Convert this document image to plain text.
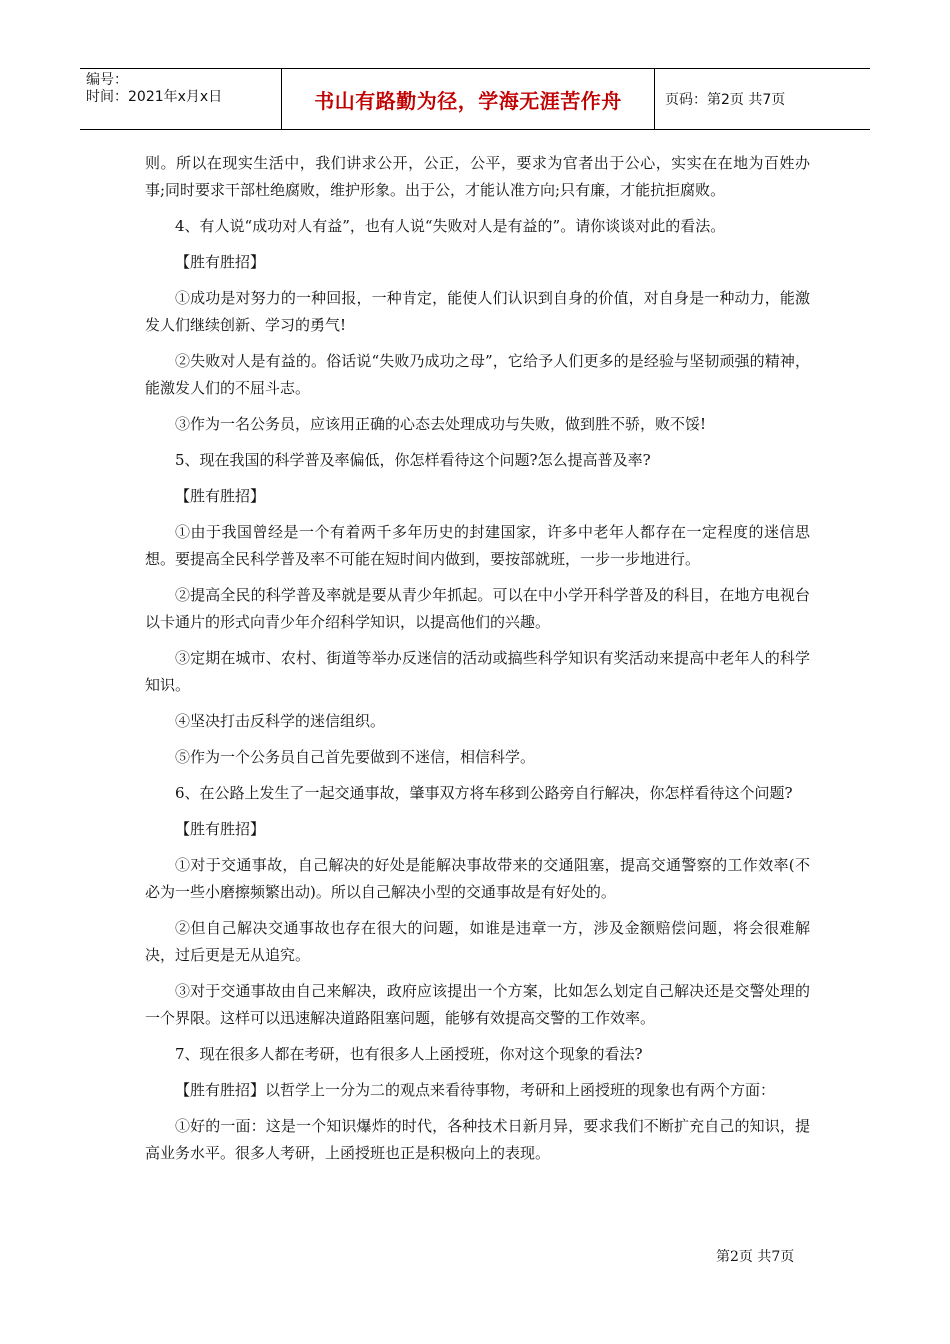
编号：
时间：2021年x月x日	书山有路勤为径，学海无涯苦作舟	页码：第2页 共7页

则。所以在现实生活中，我们讲求公开，公正，公平，要求为官者出于公心，实实在在地为百姓办事;同时要求干部杜绝腐败，维护形象。出于公，才能认准方向;只有廉，才能抗拒腐败。

4、有人说“成功对人有益”，也有人说“失败对人是有益的”。请你谈谈对此的看法。

【胜有胜招】

①成功是对努力的一种回报，一种肯定，能使人们认识到自身的价值，对自身是一种动力，能激发人们继续创新、学习的勇气!

②失败对人是有益的。俗话说“失败乃成功之母”，它给予人们更多的是经验与坚韧顽强的精神，能激发人们的不屈斗志。

③作为一名公务员，应该用正确的心态去处理成功与失败，做到胜不骄，败不馁!

5、现在我国的科学普及率偏低，你怎样看待这个问题?怎么提高普及率?

【胜有胜招】

①由于我国曾经是一个有着两千多年历史的封建国家，许多中老年人都存在一定程度的迷信思想。要提高全民科学普及率不可能在短时间内做到，要按部就班，一步一步地进行。

②提高全民的科学普及率就是要从青少年抓起。可以在中小学开科学普及的科目，在地方电视台以卡通片的形式向青少年介绍科学知识，以提高他们的兴趣。

③定期在城市、农村、街道等举办反迷信的活动或搞些科学知识有奖活动来提高中老年人的科学知识。

④坚决打击反科学的迷信组织。

⑤作为一个公务员自己首先要做到不迷信，相信科学。

6、在公路上发生了一起交通事故，肇事双方将车移到公路旁自行解决，你怎样看待这个问题?

【胜有胜招】

①对于交通事故，自己解决的好处是能解决事故带来的交通阻塞，提高交通警察的工作效率(不必为一些小磨擦频繁出动)。所以自己解决小型的交通事故是有好处的。

②但自己解决交通事故也存在很大的问题，如谁是违章一方，涉及金额赔偿问题，将会很难解决，过后更是无从追究。

③对于交通事故由自己来解决，政府应该提出一个方案，比如怎么划定自己解决还是交警处理的一个界限。这样可以迅速解决道路阻塞问题，能够有效提高交警的工作效率。

7、现在很多人都在考研，也有很多人上函授班，你对这个现象的看法?

【胜有胜招】以哲学上一分为二的观点来看待事物，考研和上函授班的现象也有两个方面：

①好的一面：这是一个知识爆炸的时代，各种技术日新月异，要求我们不断扩充自己的知识，提高业务水平。很多人考研，上函授班也正是积极向上的表现。

第2页 共7页
